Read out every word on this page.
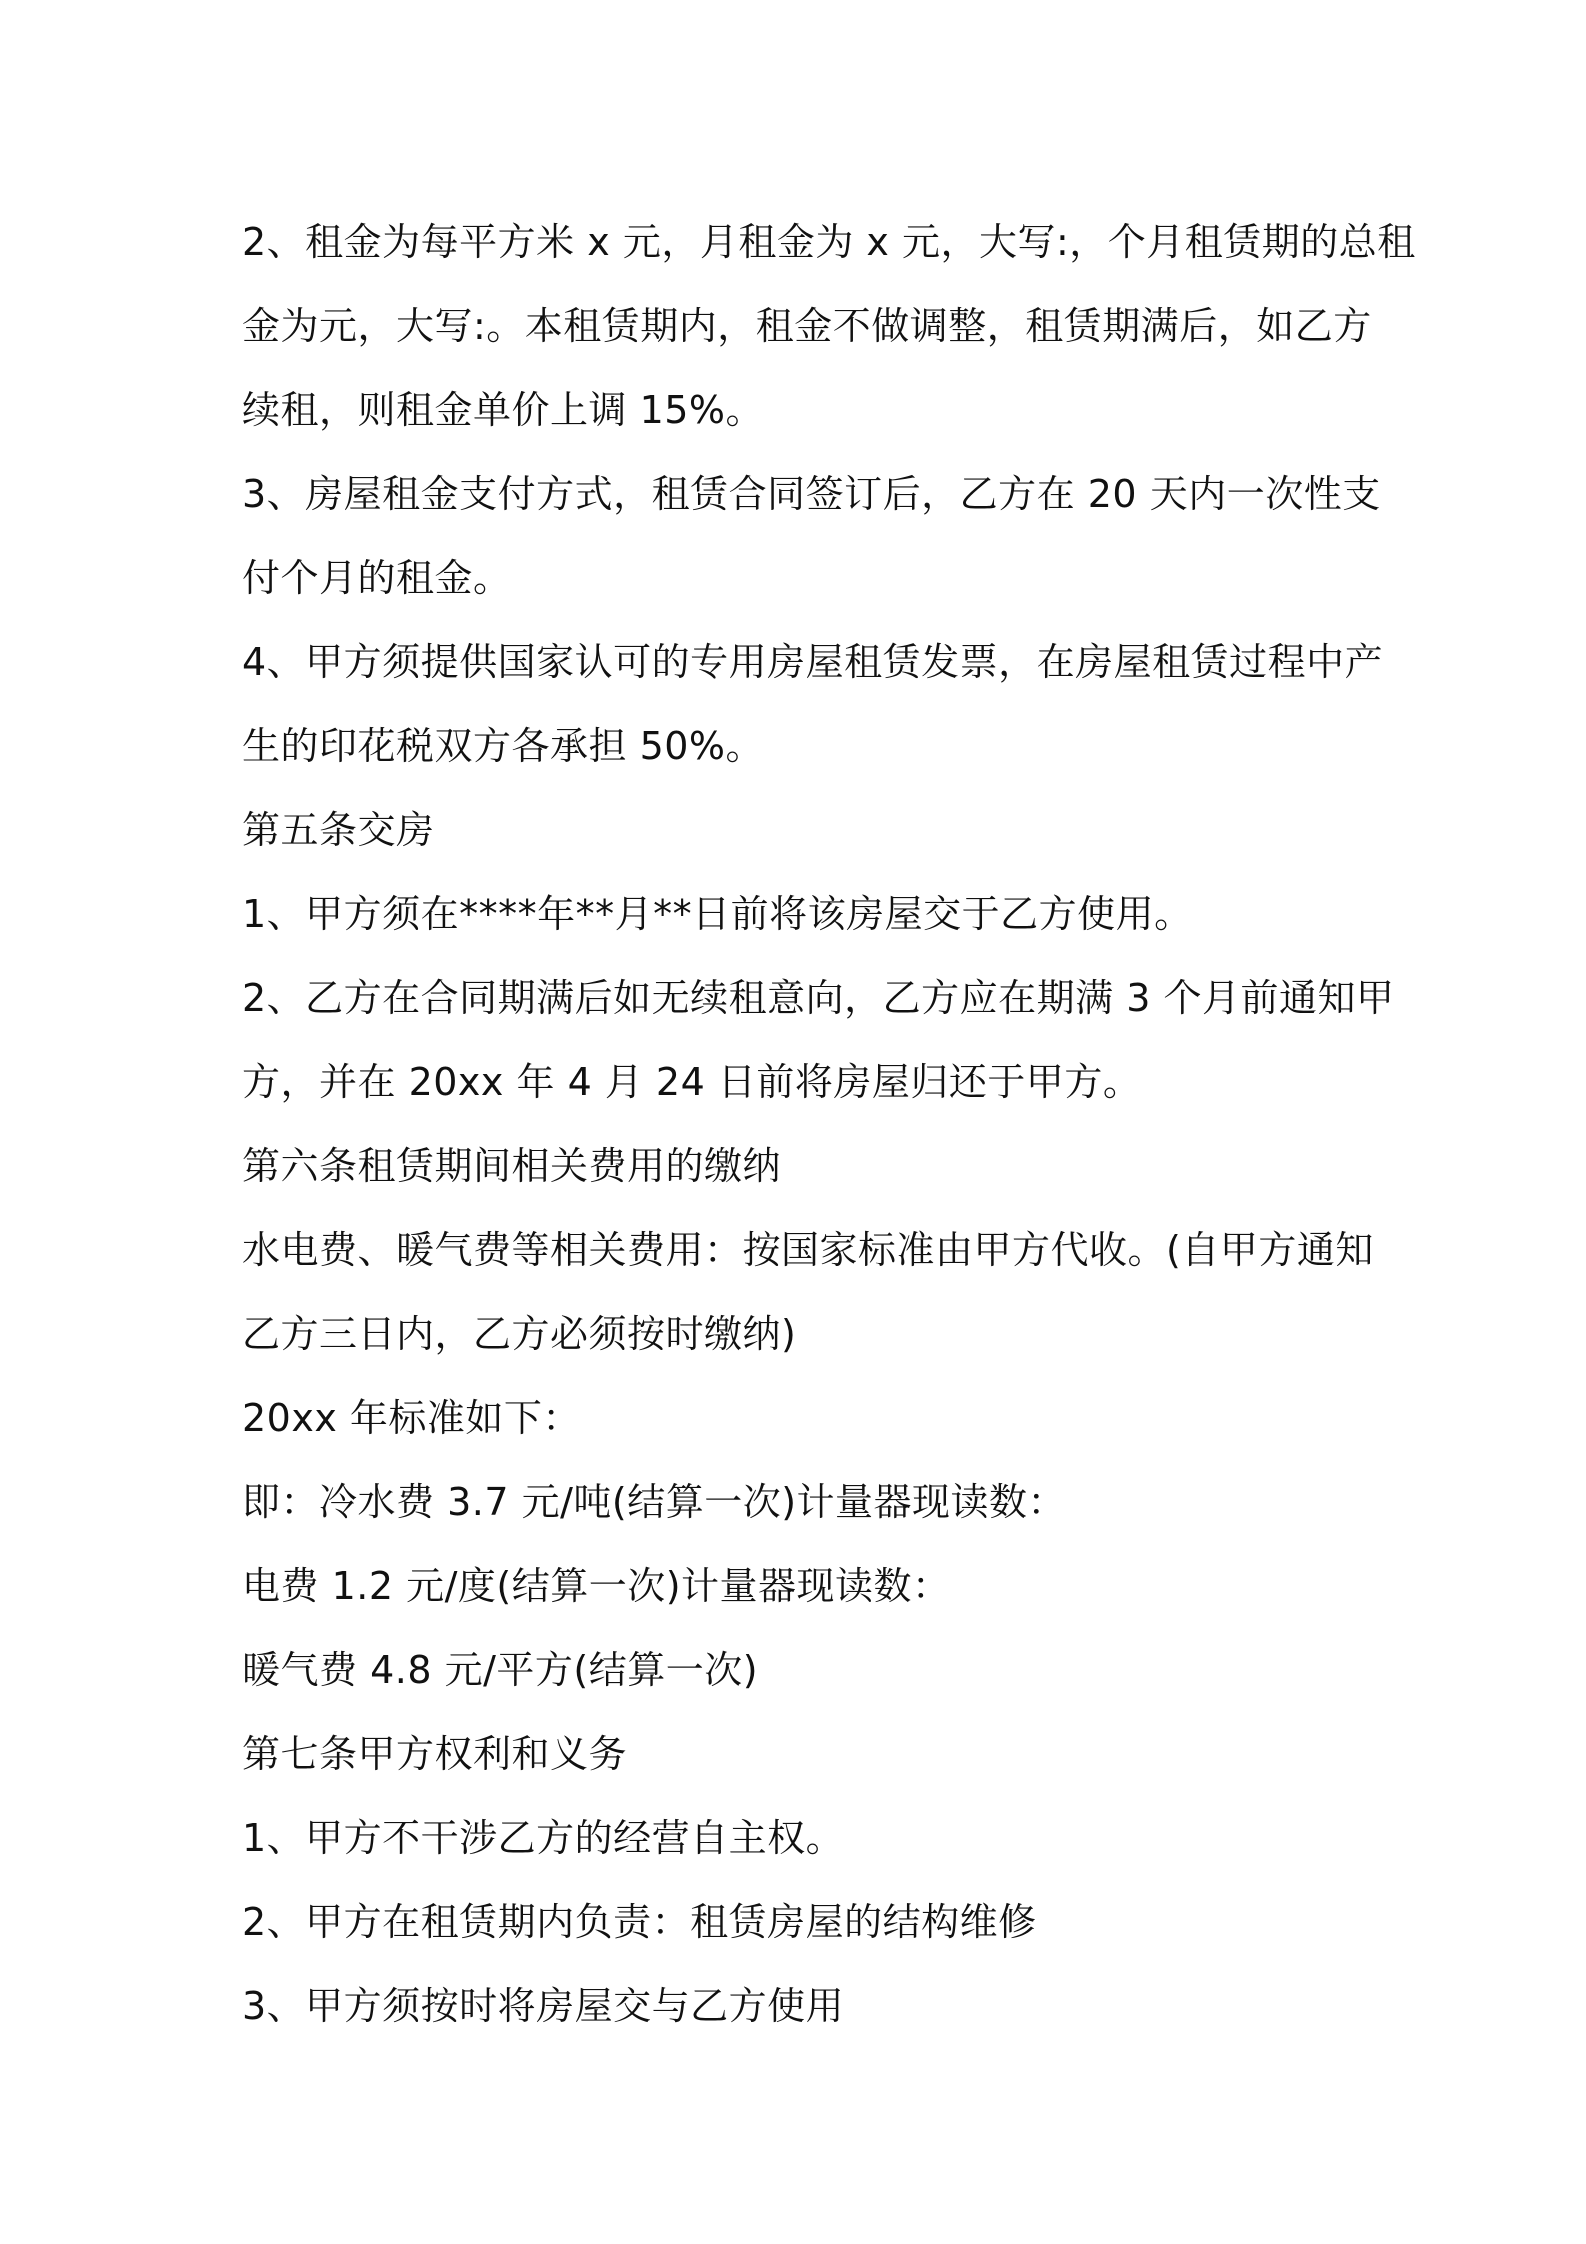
2、租金为每平方米 x 元，月租金为 x 元，大写:，个月租赁期的总租
金为元，大写:。本租赁期内，租金不做调整，租赁期满后，如乙方
续租，则租金单价上调 15%。
3、房屋租金支付方式，租赁合同签订后，乙方在 20 天内一次性支
付个月的租金。
4、甲方须提供国家认可的专用房屋租赁发票，在房屋租赁过程中产
生的印花税双方各承担 50%。
第五条交房
1、甲方须在****年**月**日前将该房屋交于乙方使用。
2、乙方在合同期满后如无续租意向，乙方应在期满 3 个月前通知甲
方，并在 20xx 年 4 月 24 日前将房屋归还于甲方。
第六条租赁期间相关费用的缴纳
水电费、暖气费等相关费用：按国家标准由甲方代收。(自甲方通知
乙方三日内，乙方必须按时缴纳)
20xx 年标准如下：
即：冷水费 3.7 元/吨(结算一次)计量器现读数：
电费 1.2 元/度(结算一次)计量器现读数：
暖气费 4.8 元/平方(结算一次)
第七条甲方权利和义务
1、甲方不干涉乙方的经营自主权。
2、甲方在租赁期内负责：租赁房屋的结构维修
3、甲方须按时将房屋交与乙方使用
